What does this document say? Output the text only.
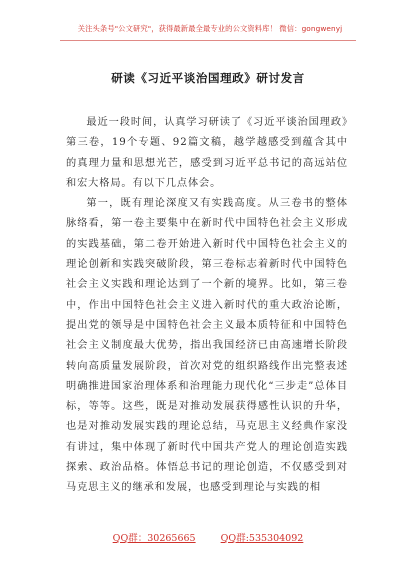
关注头条号"公文研究"，获得最新最全最专业的公文资料库！ 微信：gongwenyj
研读《习近平谈治国理政》研讨发言

最近一段时间，认真学习研读了《习近平谈治国理政》第三卷，19个专题、92篇文稿，越学越感受到蕴含其中的真理力量和思想光芒，感受到习近平总书记的高远站位和宏大格局。有以下几点体会。

第一，既有理论深度又有实践高度。从三卷书的整体脉络看，第一卷主要集中在新时代中国特色社会主义形成的实践基础，第二卷开始进入新时代中国特色社会主义的理论创新和实践突破阶段，第三卷标志着新时代中国特色社会主义实践和理论达到了一个新的境界。比如，第三卷中，作出中国特色社会主义进入新时代的重大政治论断，提出党的领导是中国特色社会主义最本质特征和中国特色社会主义制度最大优势，指出我国经济已由高速增长阶段转向高质量发展阶段，首次对党的组织路线作出完整表述明确推进国家治理体系和治理能力现代化“三步走”总体目标，等等。这些，既是对推动发展获得感性认识的升华，也是对推动发展实践的理论总结，马克思主义经典作家没有讲过，集中体现了新时代中国共产党人的理论创造实践探索、政治品格。体悟总书记的理论创造，不仅感受到对马克思主义的继承和发展，也感受到理论与实践的相

QQ群：30265665	QQ群:535304092
